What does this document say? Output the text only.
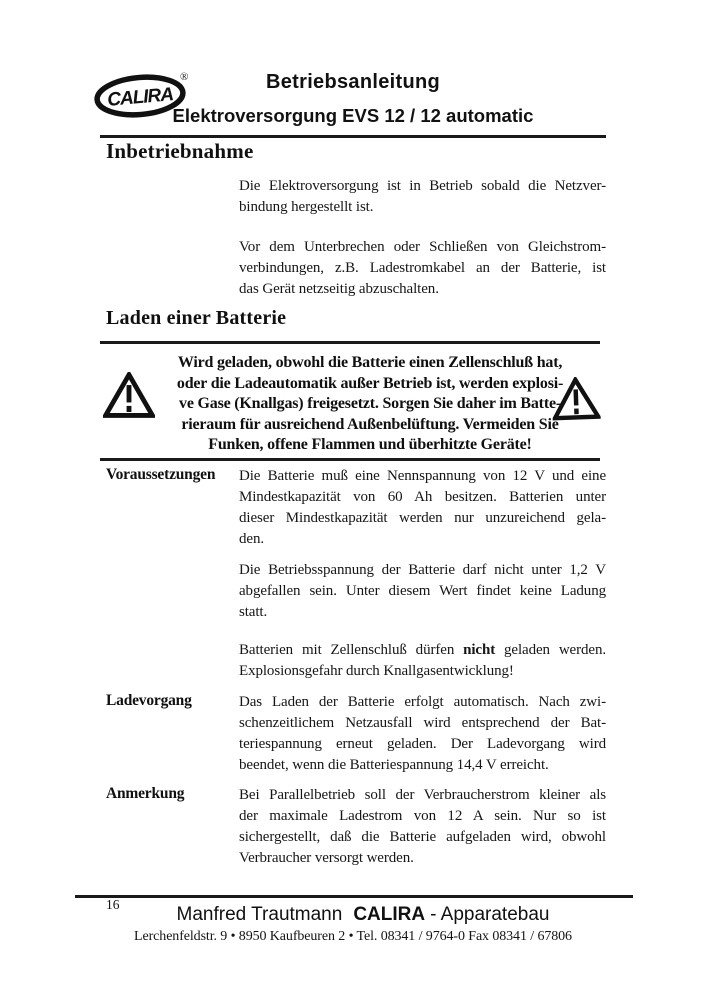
CALIRA
®	Betriebsanleitung
Elektroversorgung EVS 12 / 12 automatic
Inbetriebnahme
Die Elektroversorgung ist in Betrieb sobald die Netzver-
bindung hergestellt ist.
Vor dem Unterbrechen oder Schließen von Gleichstrom-
verbindungen, z.B. Ladestromkabel an der Batterie, ist
das Gerät netzseitig abzuschalten.
Laden einer Batterie
Wird geladen, obwohl die Batterie einen Zellenschluß hat,
oder die Ladeautomatik außer Betrieb ist, werden explosi-
ve Gase (Knallgas) freigesetzt. Sorgen Sie daher im Batte-
rieraum für ausreichend Außenbelüftung. Vermeiden Sie
Funken, offene Flammen und überhitzte Geräte!
Voraussetzungen Die Batterie muß eine Nennspannung von 12 V und eine
Mindestkapazität von 60 Ah besitzen. Batterien unter
dieser Mindestkapazität werden nur unzureichend gela-
den.
Die Betriebsspannung der Batterie darf nicht unter 1,2 V
abgefallen sein. Unter diesem Wert findet keine Ladung
statt.
Batterien mit Zellenschluß dürfen nicht geladen werden.
Explosionsgefahr durch Knallgasentwicklung!
Ladevorgang	Das Laden der Batterie erfolgt automatisch. Nach zwi-
schenzeitlichem Netzausfall wird entsprechend der Bat-
teriespannung erneut geladen. Der Ladevorgang wird
beendet, wenn die Batteriespannung 14,4 V erreicht.
Anmerkung	Bei Parallelbetrieb soll der Verbraucherstrom kleiner als
der maximale Ladestrom von 12 A sein. Nur so ist
sichergestellt, daß die Batterie aufgeladen wird, obwohl
Verbraucher versorgt werden.
16	Manfred Trautmann CALIRA - Apparatebau
Lerchenfeldstr. 9 • 8950 Kaufbeuren 2 • Tel. 08341 / 9764-0 Fax 08341 / 67806
